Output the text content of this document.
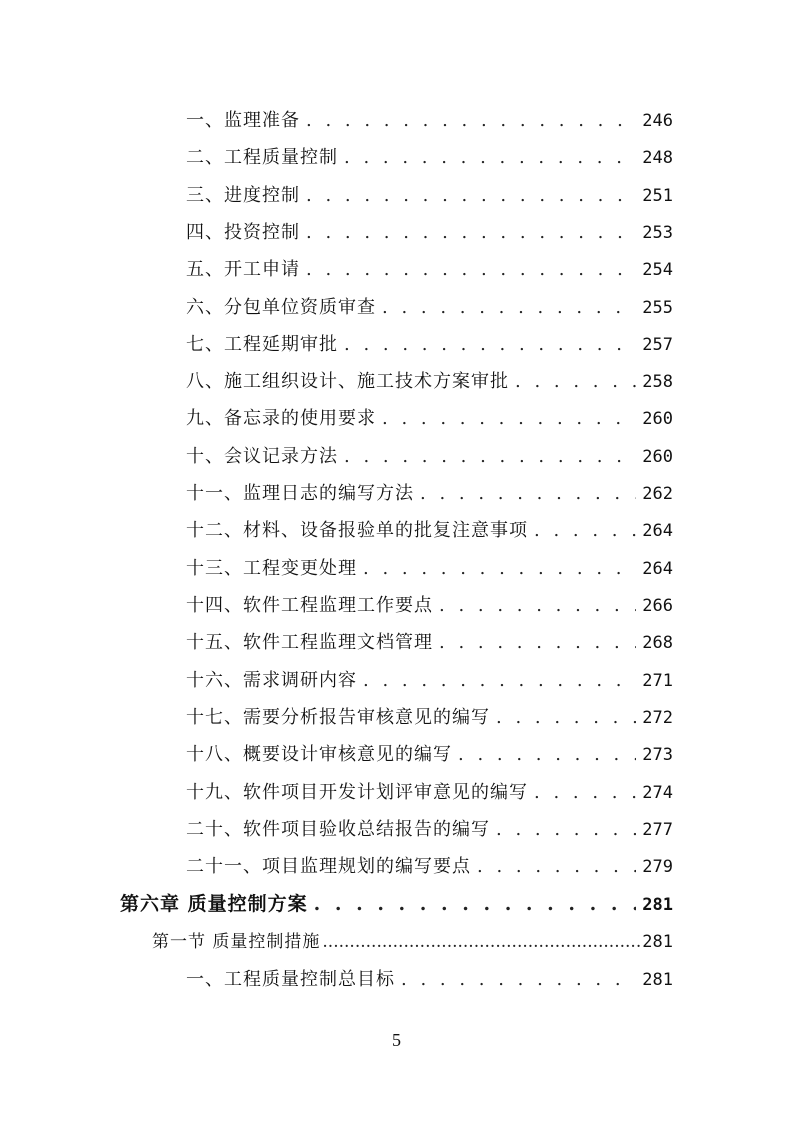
一、监理准备 . . .	246
二、工程质量控制 . . .	248
三、进度控制 . . .	251
四、投资控制 . . .	253
五、开工申请 . . .	254
六、分包单位资质审查 . . .	255
七、工程延期审批 . . .	257
八、施工组织设计、施工技术方案审批 . . .	258
九、备忘录的使用要求 . . .	260
十、会议记录方法 . . .	260
十一、监理日志的编写方法 . . .	262
十二、材料、设备报验单的批复注意事项 . . .	264
十三、工程变更处理 . . .	264
十四、软件工程监理工作要点 . . .	266
十五、软件工程监理文档管理 . . .	268
十六、需求调研内容 . . .	271
十七、需要分析报告审核意见的编写 . . .	272
十八、概要设计审核意见的编写 . . .	273
十九、软件项目开发计划评审意见的编写 . . .	274
二十、软件项目验收总结报告的编写 . . .	277
二十一、项目监理规划的编写要点 . . .	279
第六章 质量控制方案 . . .	281
第一节 质量控制措施 .....	281
一、工程质量控制总目标 . . .	281
5
